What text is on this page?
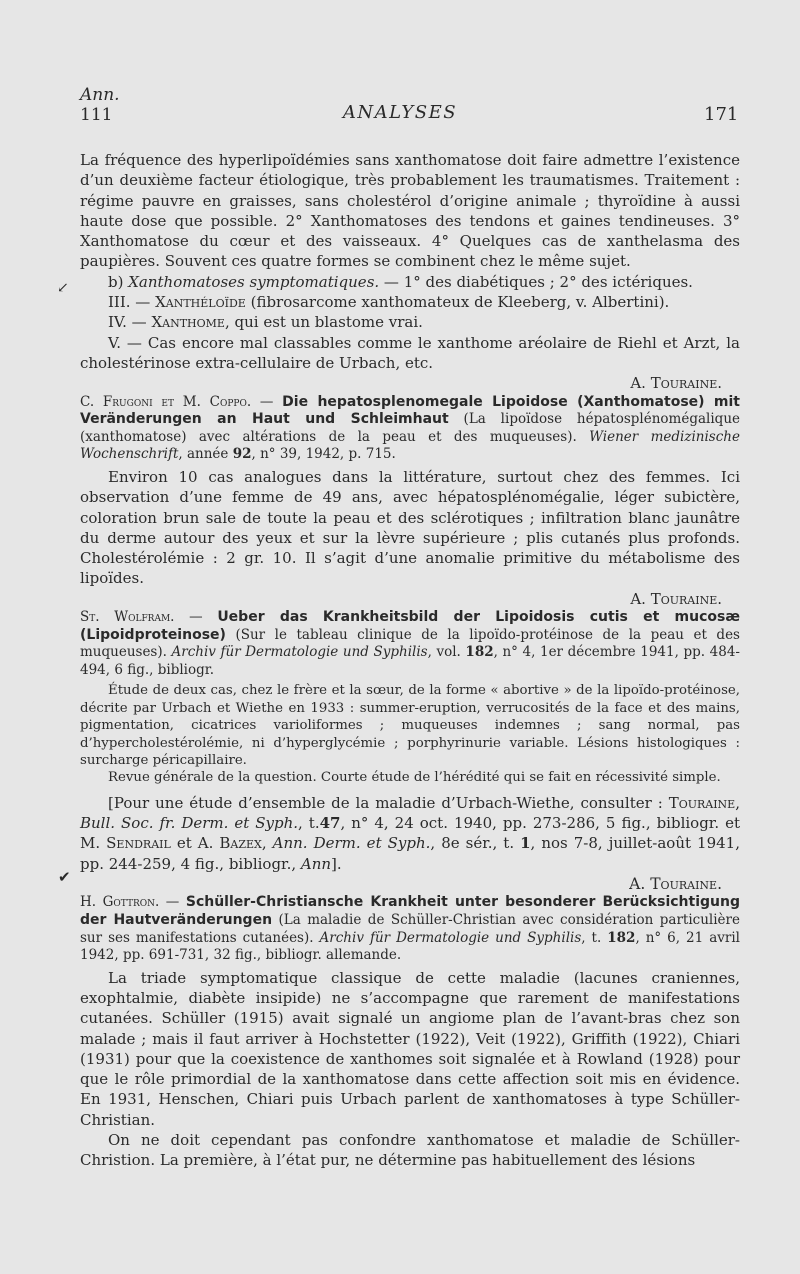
Ann.
111	ANALYSES	171
↙
✔

La fréquence des hyperlipoïdémies sans xanthomatose doit faire admettre l’existence d’un deuxième facteur étiologique, très probablement les traumatismes. Traitement : régime pauvre en graisses, sans cholestérol d’origine animale ; thyroïdine à aussi haute dose que possible. 2° Xanthomatoses des tendons et gaines tendineuses. 3° Xanthomatose du cœur et des vaisseaux. 4° Quelques cas de xanthelasma des paupières. Souvent ces quatre formes se combinent chez le même sujet.

b) Xanthomatoses symptomatiques. — 1° des diabétiques ; 2° des ictériques.

III. — Xanthéloïde (fibrosarcome xanthomateux de Kleeberg, v. Albertini).

IV. — Xanthome, qui est un blastome vrai.

V. — Cas encore mal classables comme le xanthome aréolaire de Riehl et Arzt, la cholestérinose extra-cellulaire de Urbach, etc.

A. Touraine.

C. Frugoni et M. Coppo. — Die hepatosplenomegale Lipoidose (Xanthomatose) mit Veränderungen an Haut und Schleimhaut (La lipoïdose hépatosplénomégalique (xanthomatose) avec altérations de la peau et des muqueuses). Wiener medizinische Wochenschrift, année 92, n° 39, 1942, p. 715.

Environ 10 cas analogues dans la littérature, surtout chez des femmes. Ici observation d’une femme de 49 ans, avec hépatosplénomégalie, léger subictère, coloration brun sale de toute la peau et des sclérotiques ; infiltration blanc jaunâtre du derme autour des yeux et sur la lèvre supérieure ; plis cutanés plus profonds. Cholestérolémie : 2 gr. 10. Il s’agit d’une anomalie primitive du métabolisme des lipoïdes.

A. Touraine.

St. Wolfram. — Ueber das Krankheitsbild der Lipoidosis cutis et mucosæ (Lipoidproteinose) (Sur le tableau clinique de la lipoïdo-protéinose de la peau et des muqueuses). Archiv für Dermatologie und Syphilis, vol. 182, n° 4, 1er décembre 1941, pp. 484-494, 6 fig., bibliogr.

Étude de deux cas, chez le frère et la sœur, de la forme « abortive » de la lipoïdo-protéinose, décrite par Urbach et Wiethe en 1933 : summer-eruption, verrucosités de la face et des mains, pigmentation, cicatrices varioliformes ; muqueuses indemnes ; sang normal, pas d’hypercholestérolémie, ni d’hyperglycémie ; porphyrinurie variable. Lésions histologiques : surcharge péricapillaire.

Revue générale de la question. Courte étude de l’hérédité qui se fait en récessivité simple.

[Pour une étude d’ensemble de la maladie d’Urbach-Wiethe, consulter : Touraine, Bull. Soc. fr. Derm. et Syph., t.47, n° 4, 24 oct. 1940, pp. 273-286, 5 fig., bibliogr. et M. Sendrail et A. Bazex, Ann. Derm. et Syph., 8e sér., t. 1, nos 7-8, juillet-août 1941, pp. 244-259, 4 fig., bibliogr., Ann].

A. Touraine.

H. Gottron. — Schüller-Christiansche Krankheit unter besonderer Berücksichtigung der Hautveränderungen (La maladie de Schüller-Christian avec considération particulière sur ses manifestations cutanées). Archiv für Dermatologie und Syphilis, t. 182, n° 6, 21 avril 1942, pp. 691-731, 32 fig., bibliogr. allemande.

La triade symptomatique classique de cette maladie (lacunes craniennes, exophtalmie, diabète insipide) ne s’accompagne que rarement de manifestations cutanées. Schüller (1915) avait signalé un angiome plan de l’avant-bras chez son malade ; mais il faut arriver à Hochstetter (1922), Veit (1922), Griffith (1922), Chiari (1931) pour que la coexistence de xanthomes soit signalée et à Rowland (1928) pour que le rôle primordial de la xanthomatose dans cette affection soit mis en évidence. En 1931, Henschen, Chiari puis Urbach parlent de xanthomatoses à type Schüller-Christian.

On ne doit cependant pas confondre xanthomatose et maladie de Schüller-Christion. La première, à l’état pur, ne détermine pas habituellement des lésions
